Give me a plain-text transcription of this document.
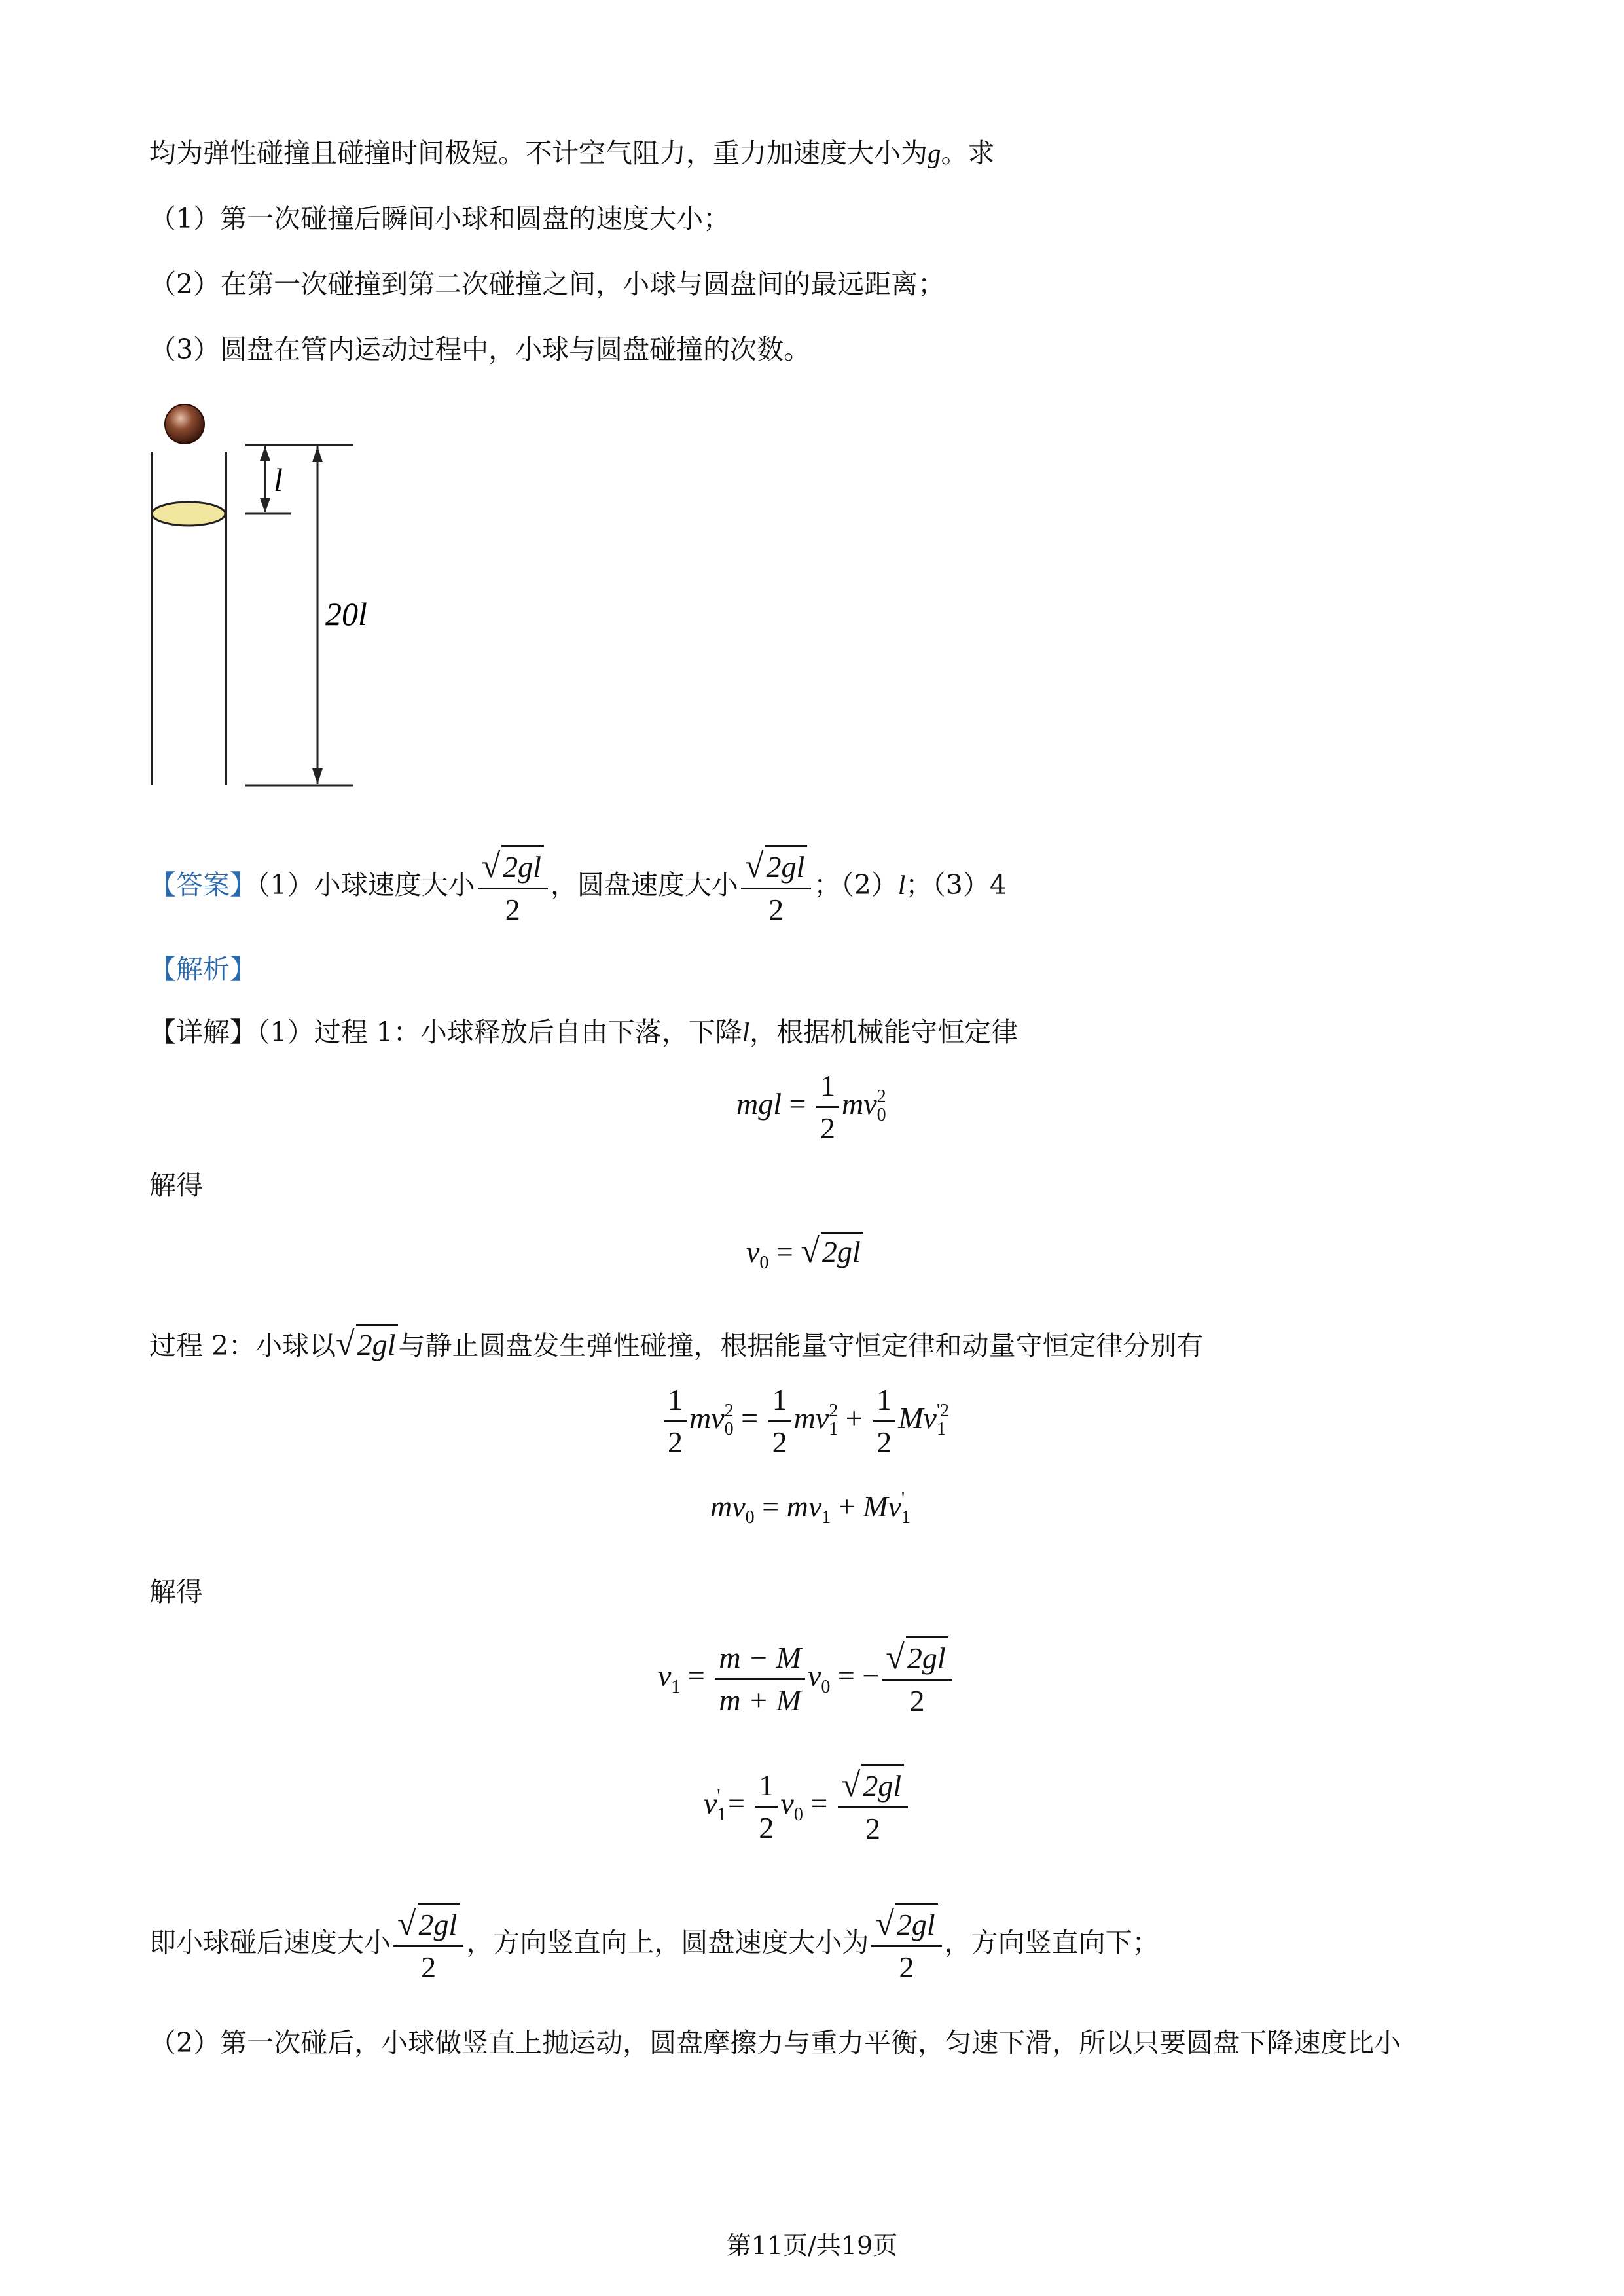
均为弹性碰撞且碰撞时间极短。不计空气阻力，重力加速度大小为g。求
（1）第一次碰撞后瞬间小球和圆盘的速度大小；
（2）在第一次碰撞到第二次碰撞之间，小球与圆盘间的最远距离；
（3）圆盘在管内运动过程中，小球与圆盘碰撞的次数。
l
20l
【答案】（1）小球速度大小 $\frac{√2gl}{2}$ ，圆盘速度大小 $\frac{√2gl}{2}$ ；（2）l；（3）4
【解析】
【详解】（1）过程 1：小球释放后自由下落，下降l，根据机械能守恒定律
mgl = $\frac{1}{2} mv_0^2$
解得
$v_0 = √2gl$
过程 2：小球以√2gl与静止圆盘发生弹性碰撞，根据能量守恒定律和动量守恒定律分别有
$\frac{1}{2} mv_0^2 = \frac{1}{2} mv_1^2 + \frac{1}{2} Mv_1^{'2}$
$mv_0 = mv_1 + Mv_1'$
解得
$v_1 = \frac{m - M}{m + M} v_0$ = − $\frac{√2gl}{2}$
$v_1' = \frac{1}{2} v_0 = \frac{√2gl}{2}$
即小球碰后速度大小 $\frac{√2gl}{2}$ ，方向竖直向上，圆盘速度大小为 $\frac{√2gl}{2}$ ，方向竖直向下；
（2）第一次碰后，小球做竖直上抛运动，圆盘摩擦力与重力平衡，匀速下滑，所以只要圆盘下降速度比小
第11页/共19页
